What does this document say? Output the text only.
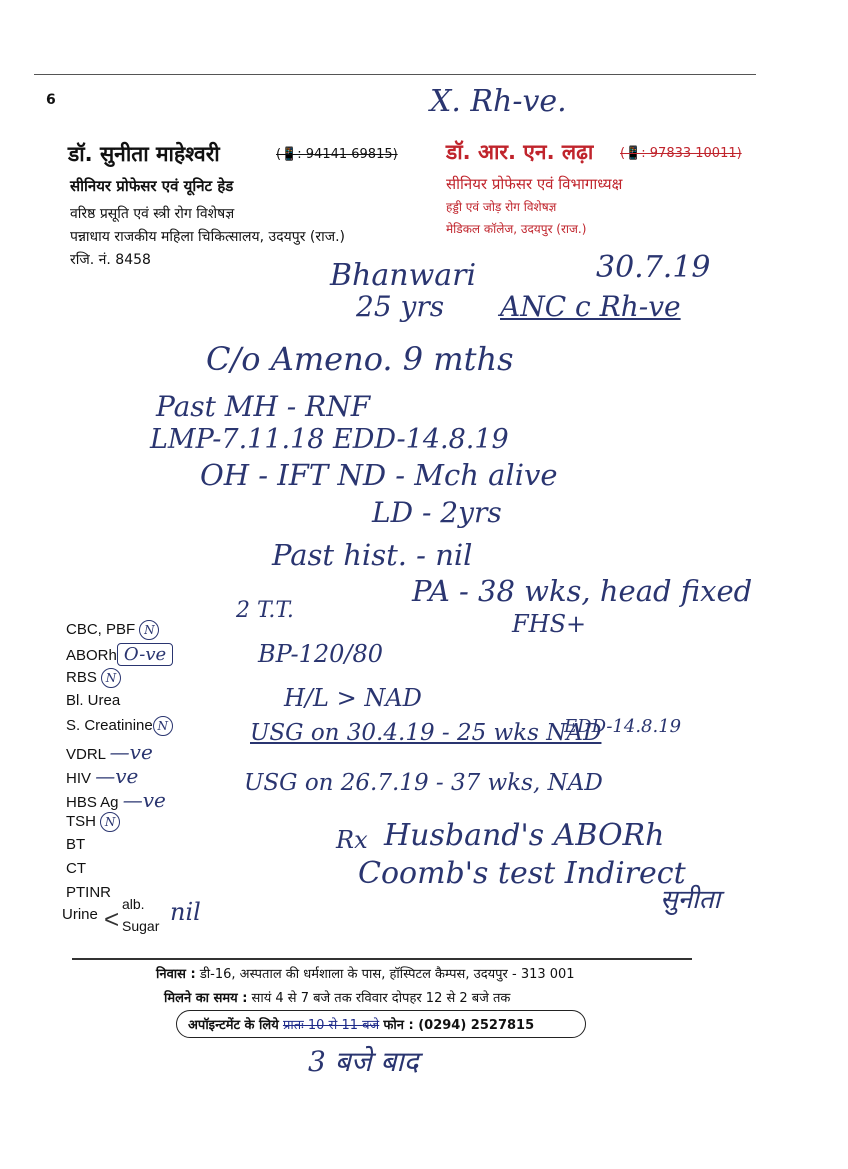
6	X. Rh-ve.
डॉ. सुनीता माहेश्वरी	(📱: 94141 69815)
सीनियर प्रोफेसर एवं यूनिट हेड
वरिष्ठ प्रसूति एवं स्त्री रोग विशेषज्ञ
पन्नाधाय राजकीय महिला चिकित्सालय, उदयपुर (राज.)
रजि. नं. 8458
डॉ. आर. एन. लढ़ा (📱: 97833 10011)
सीनियर प्रोफेसर एवं विभागाध्यक्ष
हड्डी एवं जोड़ रोग विशेषज्ञ
मेडिकल कॉलेज, उदयपुर (राज.)
Bhanwari	30.7.19
25 yrs ANC c Rh-ve
C/o Ameno. 9 mths
Past MH - RNF
LMP-7.11.18 EDD-14.8.19
OH - IFT ND - Mch alive
LD - 2yrs
Past hist. - nil
2 T.T.
PA - 38 wks, head fixed
FHS+
BP-120/80
H/L > NAD
USG on 30.4.19 - 25 wks NAD
EDD-14.8.19
USG on 26.7.19 - 37 wks, NAD
Rx Husband's ABORh
Coomb's test Indirect
सुनीता
CBC, PBF N
ABORh O-ve
RBS N
Bl. Urea
S. Creatinine N
VDRL —ve
HIV —ve
HBS Ag —ve
TSH N
BT
CT
PTINR
Urine < alb.
Sugar nil
निवास : डी-16, अस्पताल की धर्मशाला के पास, हॉस्पिटल कैम्पस, उदयपुर - 313 001
मिलने का समय : सायं 4 से 7 बजे तक रविवार दोपहर 12 से 2 बजे तक
अपॉइन्टमेंट के लिये प्रातः 10 से 11 बजे फोन : (0294) 2527815
3 बजे बाद
